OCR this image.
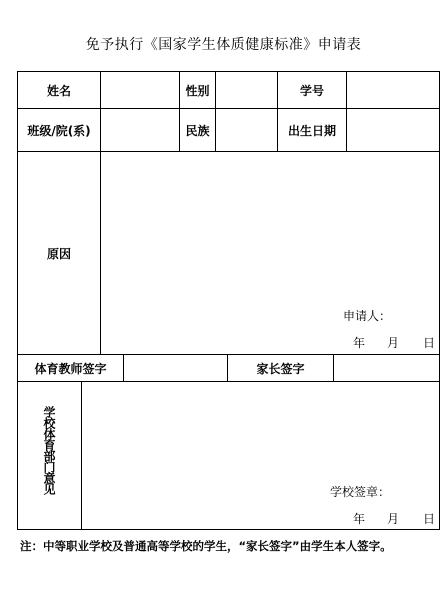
免予执行《国家学生体质健康标准》申请表
姓名	性别	学号
班级/院(系)	民族	出生日期
原因
申请人：
年 月 日
体育教师签字	家长签字
学校体育部门意见	学校签章：
年 月 日
注：中等职业学校及普通高等学校的学生，“家长签字”由学生本人签字。
